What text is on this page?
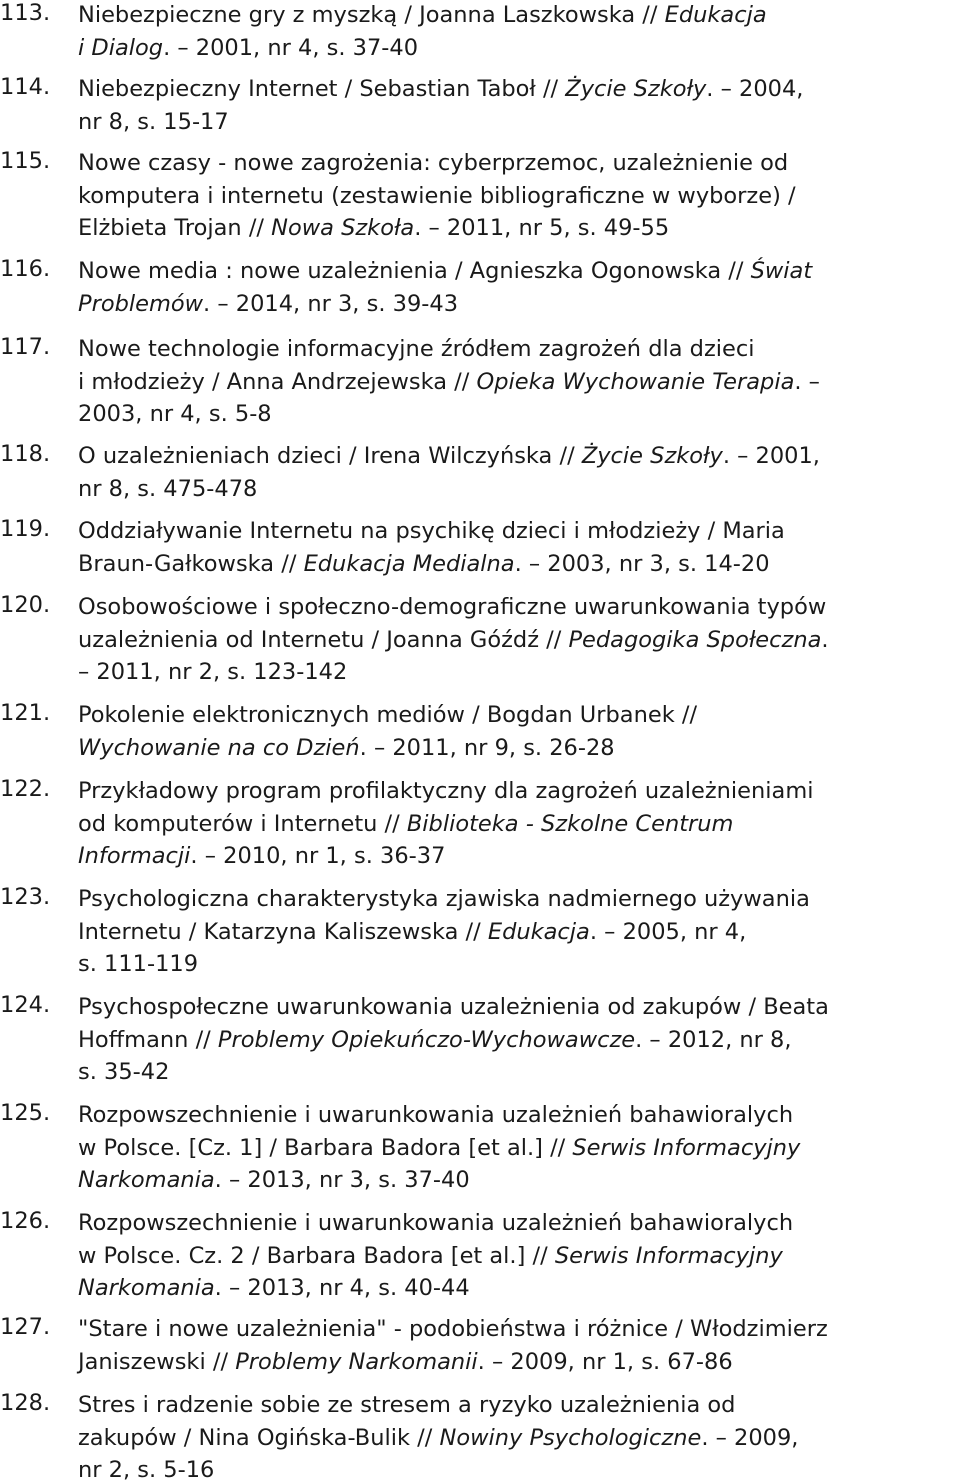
113.	Niebezpieczne gry z myszką / Joanna Laszkowska // Edukacja
i Dialog. – 2001, nr 4, s. 37-40
114.	Niebezpieczny Internet / Sebastian Taboł // Życie Szkoły. – 2004,
nr 8, s. 15-17
115.	Nowe czasy - nowe zagrożenia: cyberprzemoc, uzależnienie od
komputera i internetu (zestawienie bibliograficzne w wyborze) /
Elżbieta Trojan // Nowa Szkoła. – 2011, nr 5, s. 49-55
116.	Nowe media : nowe uzależnienia / Agnieszka Ogonowska // Świat
Problemów. – 2014, nr 3, s. 39-43
117.	Nowe technologie informacyjne źródłem zagrożeń dla dzieci
i młodzieży / Anna Andrzejewska // Opieka Wychowanie Terapia. –
2003, nr 4, s. 5-8
118.	O uzależnieniach dzieci / Irena Wilczyńska // Życie Szkoły. – 2001,
nr 8, s. 475-478
119.	Oddziaływanie Internetu na psychikę dzieci i młodzieży / Maria
Braun-Gałkowska // Edukacja Medialna. – 2003, nr 3, s. 14-20
120.	Osobowościowe i społeczno-demograficzne uwarunkowania typów
uzależnienia od Internetu / Joanna Góźdź // Pedagogika Społeczna.
– 2011, nr 2, s. 123-142
121.	Pokolenie elektronicznych mediów / Bogdan Urbanek //
Wychowanie na co Dzień. – 2011, nr 9, s. 26-28
122.	Przykładowy program profilaktyczny dla zagrożeń uzależnieniami
od komputerów i Internetu // Biblioteka - Szkolne Centrum
Informacji. – 2010, nr 1, s. 36-37
123.	Psychologiczna charakterystyka zjawiska nadmiernego używania
Internetu / Katarzyna Kaliszewska // Edukacja. – 2005, nr 4,
s. 111-119
124.	Psychospołeczne uwarunkowania uzależnienia od zakupów / Beata
Hoffmann // Problemy Opiekuńczo-Wychowawcze. – 2012, nr 8,
s. 35-42
125.	Rozpowszechnienie i uwarunkowania uzależnień bahawioralych
w Polsce. [Cz. 1] / Barbara Badora [et al.] // Serwis Informacyjny
Narkomania. – 2013, nr 3, s. 37-40
126.	Rozpowszechnienie i uwarunkowania uzależnień bahawioralych
w Polsce. Cz. 2 / Barbara Badora [et al.] // Serwis Informacyjny
Narkomania. – 2013, nr 4, s. 40-44
127.	"Stare i nowe uzależnienia" - podobieństwa i różnice / Włodzimierz
Janiszewski // Problemy Narkomanii. – 2009, nr 1, s. 67-86
128.	Stres i radzenie sobie ze stresem a ryzyko uzależnienia od
zakupów / Nina Ogińska-Bulik // Nowiny Psychologiczne. – 2009,
nr 2, s. 5-16
